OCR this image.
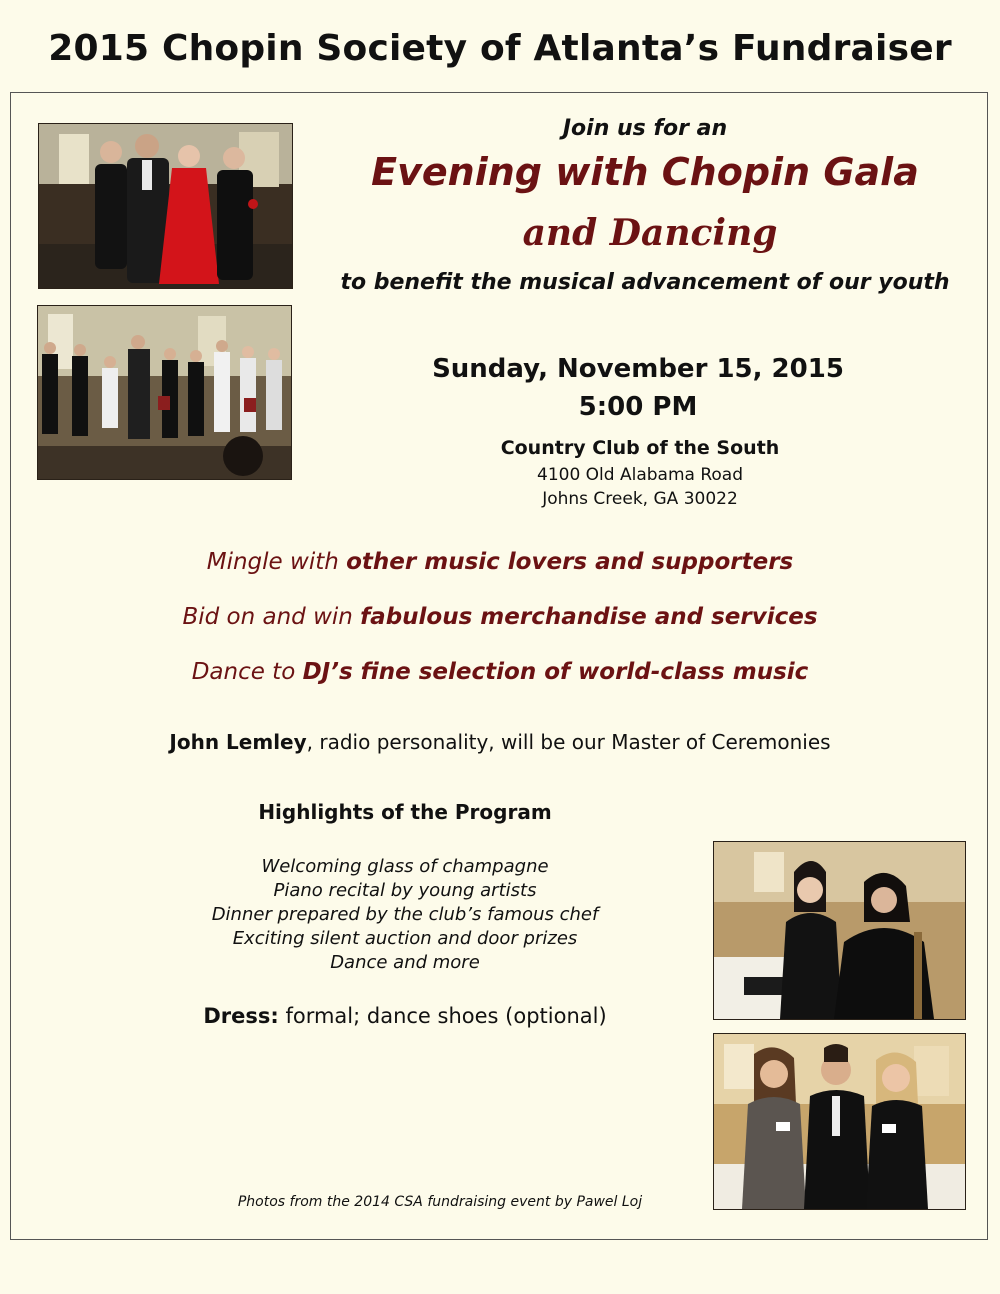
2015 Chopin Society of Atlanta’s Fundraiser
Join us for an
Evening with Chopin Gala
and Dancing
to benefit the musical advancement of our youth
Sunday, November 15, 2015
5:00 PM
Country Club of the South
4100 Old Alabama Road
Johns Creek, GA 30022
Mingle with other music lovers and supporters
Bid on and win fabulous merchandise and services
Dance to DJ’s fine selection of world-class music
John Lemley, radio personality, will be our Master of Ceremonies
Highlights of the Program
Welcoming glass of champagne
Piano recital by young artists
Dinner prepared by the club’s famous chef
Exciting silent auction and door prizes
Dance and more
Dress: formal; dance shoes (optional)
Photos from the 2014 CSA fundraising event by Pawel Loj
